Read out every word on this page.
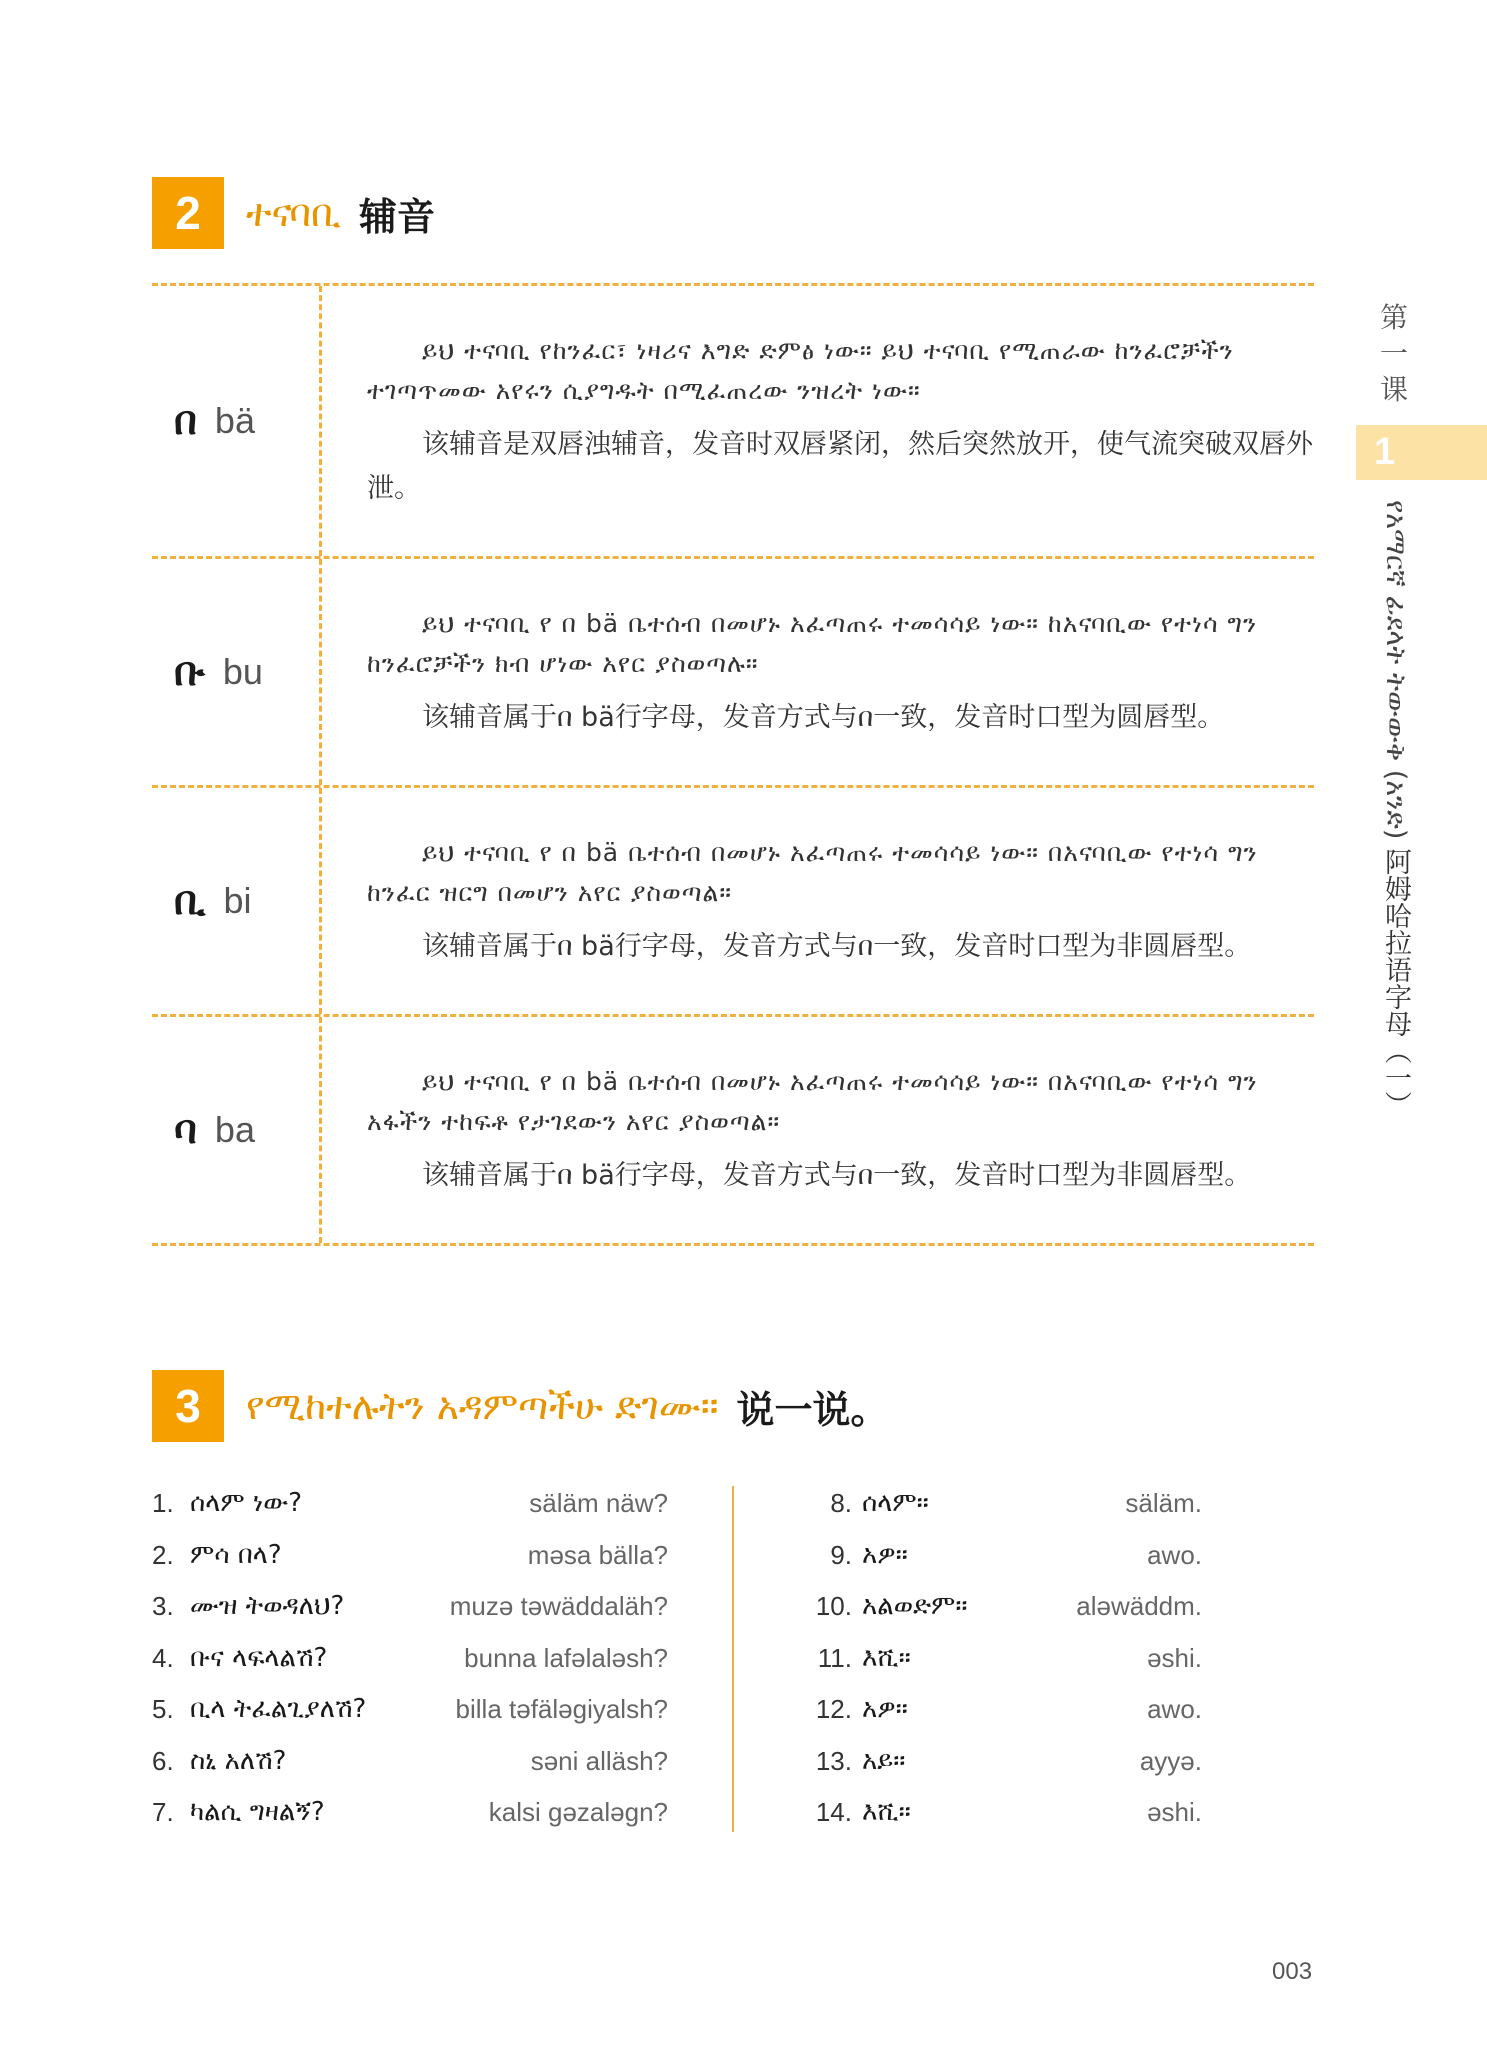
2	ተናባቢ 辅音
በ bä
ይህ ተናባቢ የከንፈር፣ ነዛሪና እግድ ድምፅ ነው። ይህ ተናባቢ የሚጠራው ከንፈሮቻችን ተገጣጥመው አየሩን ሲያግዱት በሚፈጠረው ንዝረት ነው።
该辅音是双唇浊辅音，发音时双唇紧闭，然后突然放开，使气流突破双唇外泄。
ቡ bu
ይህ ተናባቢ የ በ bä ቤተሰብ በመሆኑ አፈጣጠሩ ተመሳሳይ ነው። ከአናባቢው የተነሳ ግን ከንፈሮቻችን ክብ ሆነው አየር ያስወጣሉ።
该辅音属于በ bä行字母，发音方式与በ一致，发音时口型为圆唇型。
ቢ bi
ይህ ተናባቢ የ በ bä ቤተሰብ በመሆኑ አፈጣጠሩ ተመሳሳይ ነው። በአናባቢው የተነሳ ግን ከንፈር ዝርግ በመሆን አየር ያስወጣል።
该辅音属于በ bä行字母，发音方式与በ一致，发音时口型为非圆唇型。
ባ ba
ይህ ተናባቢ የ በ bä ቤተሰብ በመሆኑ አፈጣጠሩ ተመሳሳይ ነው። በአናባቢው የተነሳ ግን አፋችን ተከፍቶ የታገደውን አየር ያስወጣል።
该辅音属于በ bä行字母，发音方式与በ一致，发音时口型为非圆唇型。
第一课
1
የአማርኛ ፊደላት ትውውቅ (አንድ) 阿姆哈拉语字母（一）
3	የሚከተሉትን አዳምጣችሁ ድገሙ። 说一说。
1. ሰላም ነው?	säläm näw?
2. ምሳ በላ?	məsa bälla?
3. ሙዝ ትወዳለህ?	muzə təwäddaläh?
4. ቡና ላፍላልሽ?	bunna lafəlaləsh?
5. ቢላ ትፈልጊያለሽ?	billa təfäləgiyalsh?
6. ስኒ አለሽ?	səni alläsh?
7. ካልሲ ግዛልኝ?	kalsi gəzaləgn?
8. ሰላም።	säläm.
9. አዎ።	awo.
10. አልወድም።	aləwäddm.
11. እሺ።	əshi.
12. አዎ።	awo.
13. አይ።	ayyə.
14. እሺ።	əshi.
003
